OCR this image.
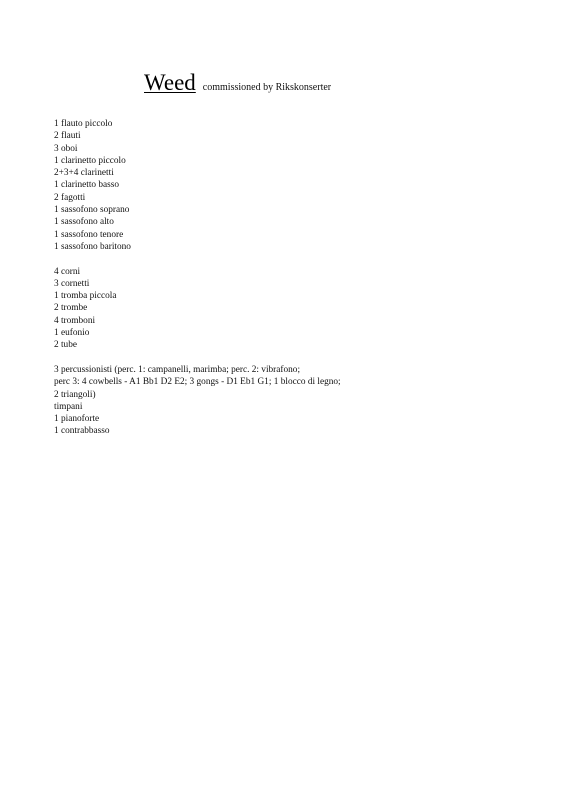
Weed commissioned by Rikskonserter
1 flauto piccolo
2 flauti
3 oboi
1 clarinetto piccolo
2+3+4 clarinetti
1 clarinetto basso
2 fagotti
1 sassofono soprano
1 sassofono alto
1 sassofono tenore
1 sassofono baritono
4 corni
3 cornetti
1 tromba piccola
2 trombe
4 tromboni
1 eufonio
2 tube
3 percussionisti (perc. 1: campanelli, marimba; perc. 2: vibrafono;
perc 3: 4 cowbells - A1 Bb1 D2 E2; 3 gongs - D1 Eb1 G1; 1 blocco di legno;
2 triangoli)
timpani
1 pianoforte
1 contrabbasso
